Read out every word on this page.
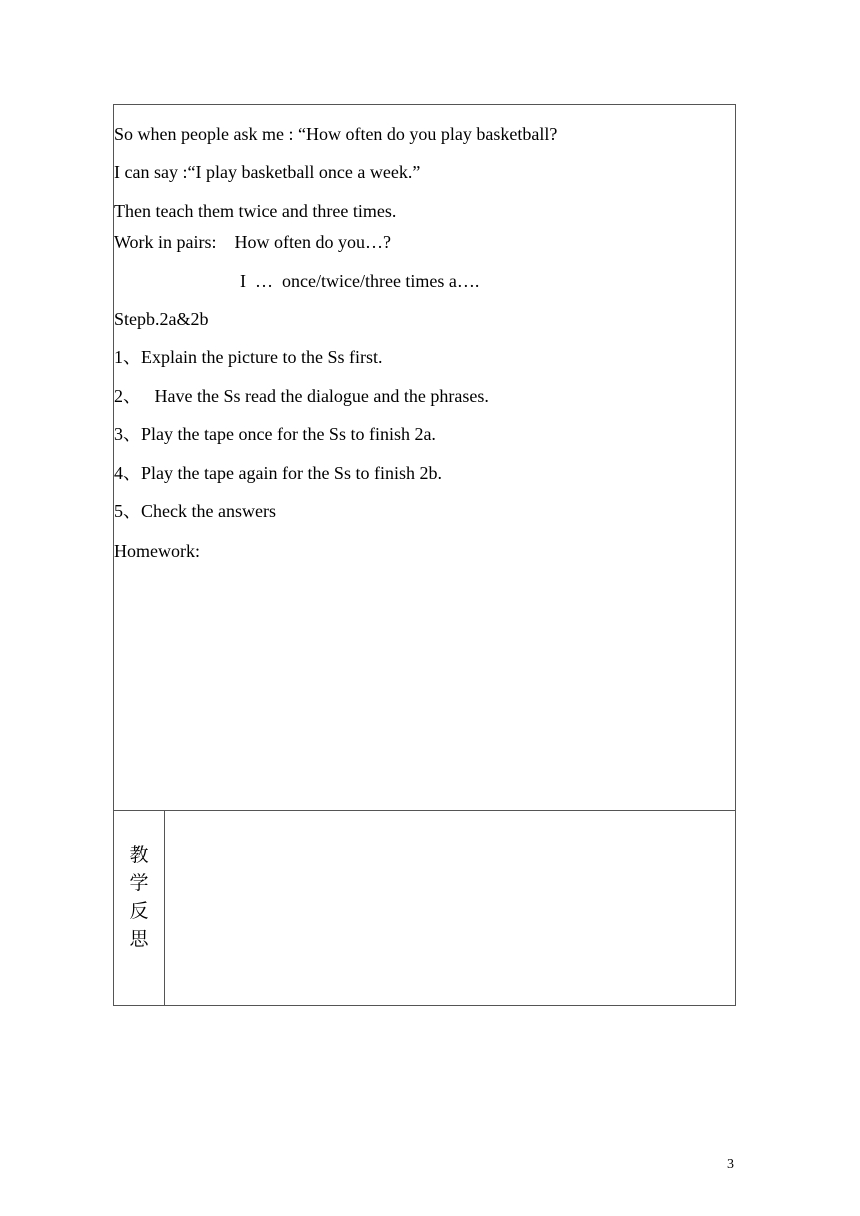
So when people ask me : “How often do you play basketball?
I can say :“I play basketball once a week.”
Then teach them twice and three times.
Work in pairs:    How often do you…?
I  …  once/twice/three times a….
Stepb.2a&2b
1、Explain the picture to the Ss first.
2、   Have the Ss read the dialogue and the phrases.
3、Play the tape once for the Ss to finish 2a.
4、Play the tape again for the Ss to finish 2b.
5、Check the answers
Homework:
教
学
反
思
3
